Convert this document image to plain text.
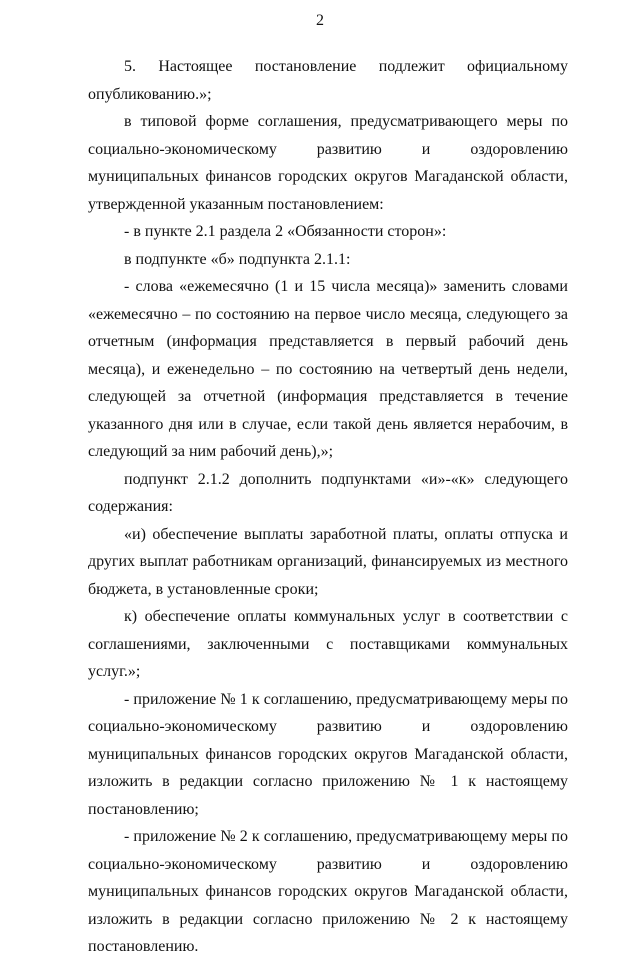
2

5. Настоящее постановление подлежит официальному опубликованию.»;

в типовой форме соглашения, предусматривающего меры по социально-экономическому развитию и оздоровлению муниципальных финансов городских округов Магаданской области, утвержденной указанным постановлением:

- в пункте 2.1 раздела 2 «Обязанности сторон»:

в подпункте «б» подпункта 2.1.1:

- слова «ежемесячно (1 и 15 числа месяца)» заменить словами «ежемесячно – по состоянию на первое число месяца, следующего за отчетным (информация представляется в первый рабочий день месяца), и еженедельно – по состоянию на четвертый день недели, следующей за отчетной (информация представляется в течение указанного дня или в случае, если такой день является нерабочим, в следующий за ним рабочий день),»;

подпункт 2.1.2 дополнить подпунктами «и»-«к» следующего содержания:

«и) обеспечение выплаты заработной платы, оплаты отпуска и других выплат работникам организаций, финансируемых из местного бюджета, в установленные сроки;

к) обеспечение оплаты коммунальных услуг в соответствии с соглашениями, заключенными с поставщиками коммунальных услуг.»;

- приложение № 1 к соглашению, предусматривающему меры по социально-экономическому развитию и оздоровлению муниципальных финансов городских округов Магаданской области, изложить в редакции согласно приложению № 1 к настоящему постановлению;

- приложение № 2 к соглашению, предусматривающему меры по социально-экономическому развитию и оздоровлению муниципальных финансов городских округов Магаданской области, изложить в редакции согласно приложению № 2 к настоящему постановлению.
